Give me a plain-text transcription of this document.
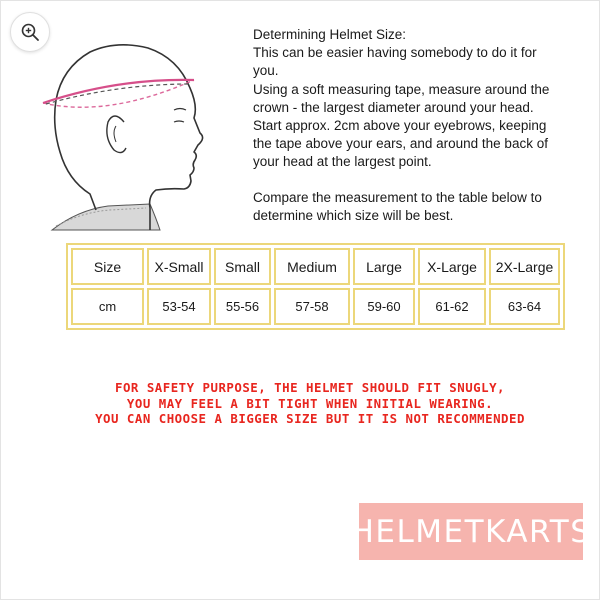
Determining Helmet Size:

This can be easier having somebody to do it for

you.

Using a soft measuring tape, measure around the

crown - the largest diameter around your head.

Start approx. 2cm above your eyebrows, keeping

the tape above your ears, and around the back of

your head at the largest point.

Compare the measurement to the table below to

determine which size will be best.

Size	X-Small	Small	Medium	Large	X-Large	2X-Large
cm	53-54	55-56	57-58	59-60	61-62	63-64
FOR SAFETY PURPOSE, THE HELMET SHOULD FIT SNUGLY,
YOU MAY FEEL A BIT TIGHT WHEN INITIAL WEARING.
YOU CAN CHOOSE A BIGGER SIZE BUT IT IS NOT RECOMMENDED
HELMETKARTS
